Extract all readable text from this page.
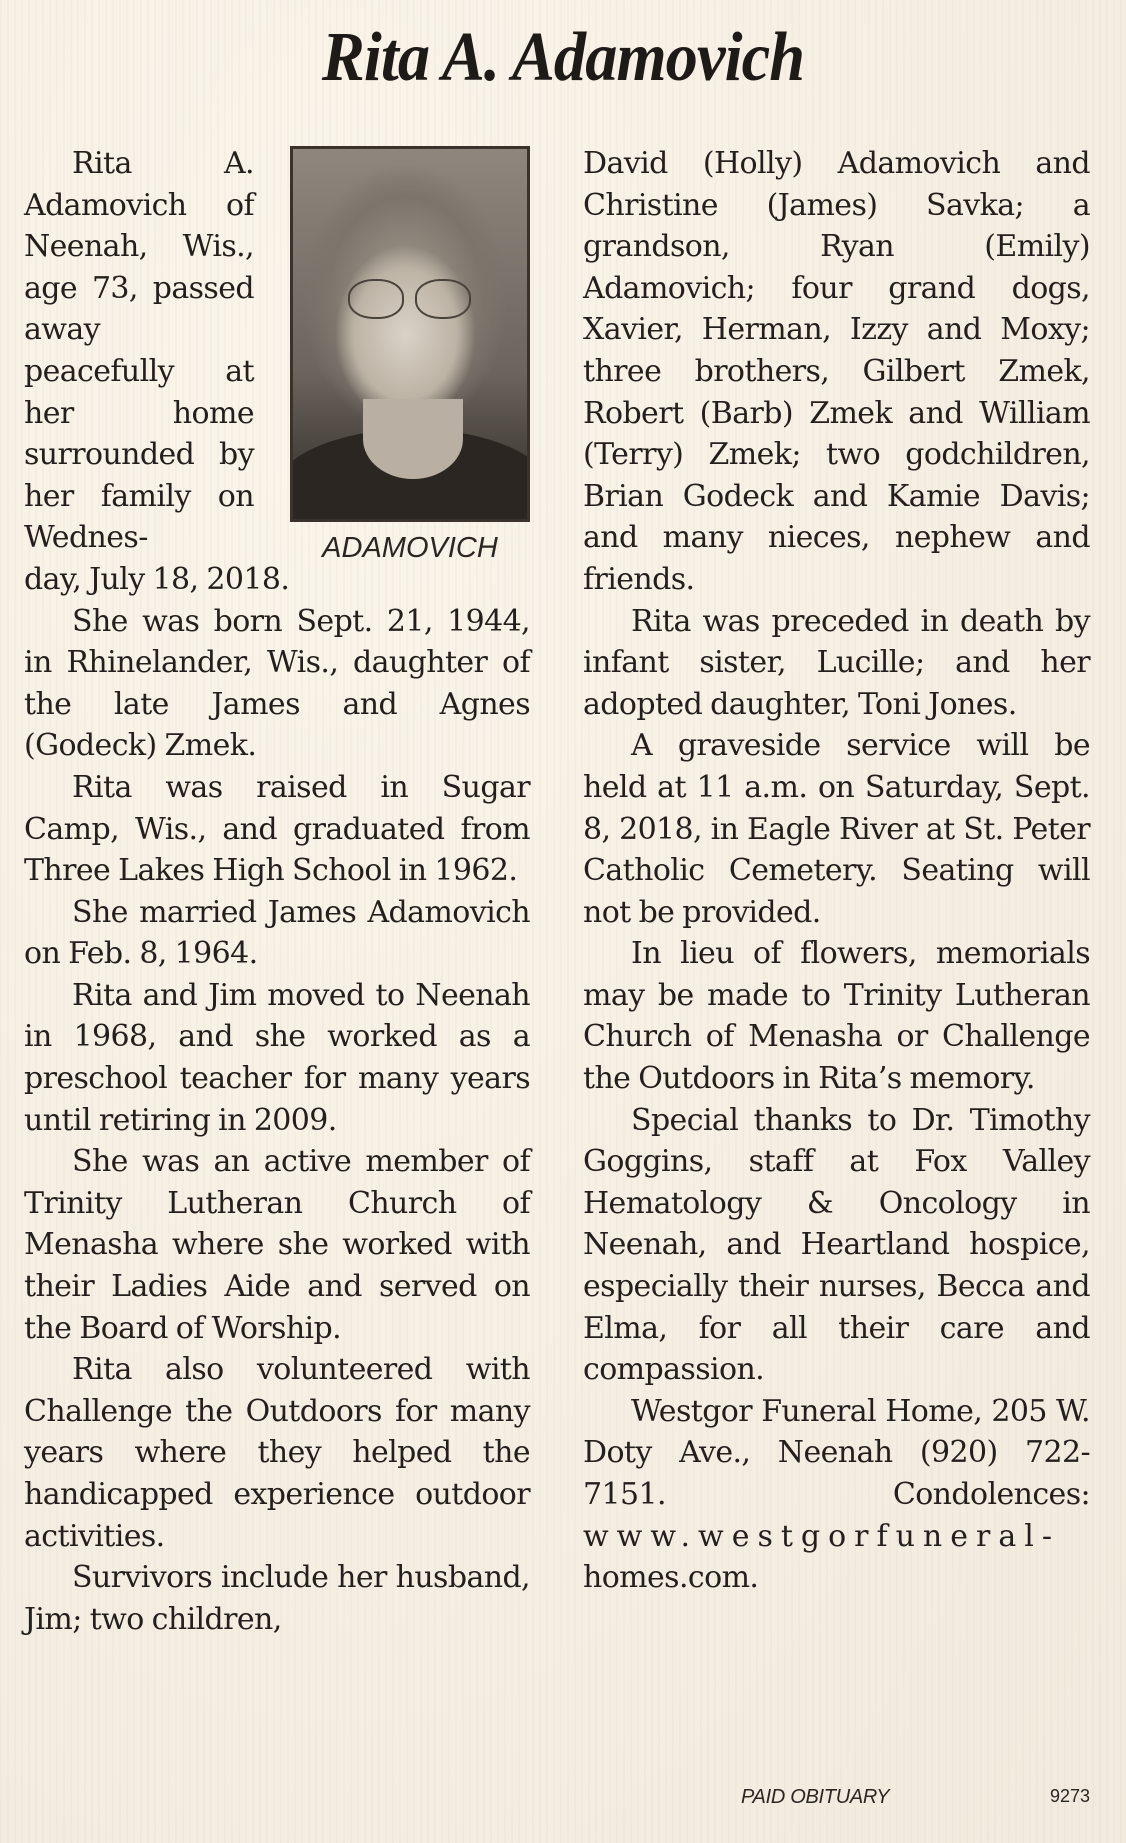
Rita A. Adamovich
ADAMOVICH

Rita A. Adamovich of Neenah, Wis., age 73, passed away peacefully at her home surrounded by her family on Wednes-

day, July 18, 2018.

She was born Sept. 21, 1944, in Rhinelander, Wis., daughter of the late James and Agnes (Godeck) Zmek.

Rita was raised in Sugar Camp, Wis., and graduated from Three Lakes High School in 1962.

She married James Adamovich on Feb. 8, 1964.

Rita and Jim moved to Neenah in 1968, and she worked as a preschool teacher for many years until retiring in 2009.

She was an active member of Trinity Lutheran Church of Menasha where she worked with their Ladies Aide and served on the Board of Worship.

Rita also volunteered with Challenge the Outdoors for many years where they helped the handicapped experience outdoor activities.

Survivors include her husband, Jim; two children,

David (Holly) Adamovich and Christine (James) Savka; a grandson, Ryan (Emily) Adamovich; four grand dogs, Xavier, Herman, Izzy and Moxy; three brothers, Gilbert Zmek, Robert (Barb) Zmek and William (Terry) Zmek; two godchildren, Brian Godeck and Kamie Davis; and many nieces, nephew and friends.

Rita was preceded in death by infant sister, Lucille; and her adopted daughter, Toni Jones.

A graveside service will be held at 11 a.m. on Saturday, Sept. 8, 2018, in Eagle River at St. Peter Catholic Cemetery. Seating will not be provided.

In lieu of flowers, memorials may be made to Trinity Lutheran Church of Menasha or Challenge the Outdoors in Rita’s memory.

Special thanks to Dr. Timothy Goggins, staff at Fox Valley Hematology & Oncology in Neenah, and Heartland hospice, especially their nurses, Becca and Elma, for all their care and compassion.

Westgor Funeral Home, 205 W. Doty Ave., Neenah (920) 722-7151. Condolences: www.westgorfuneral-
homes.com.

PAID OBITUARY	9273
